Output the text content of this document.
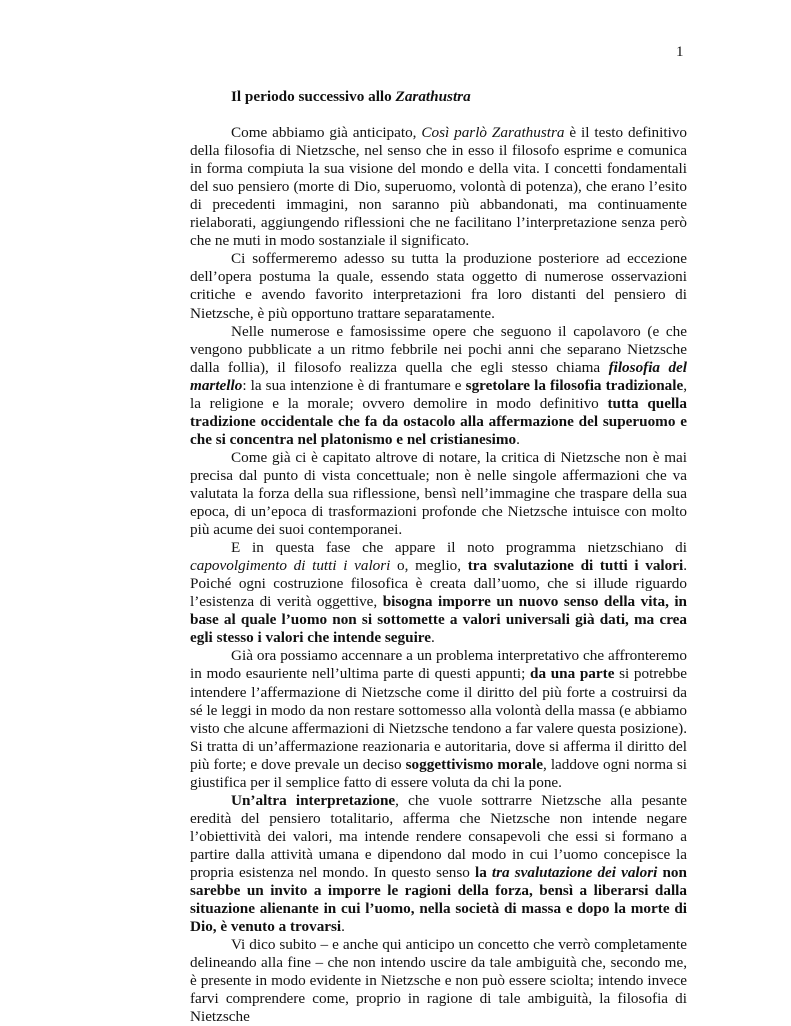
1
Il periodo successivo allo Zarathustra

Come abbiamo già anticipato, Così parlò Zarathustra è il testo definitivo della filosofia di Nietzsche, nel senso che in esso il filosofo esprime e comunica in forma compiuta la sua visione del mondo e della vita. I concetti fondamentali del suo pensiero (morte di Dio, superuomo, volontà di potenza), che erano l’esito di precedenti immagini, non saranno più abbandonati, ma continuamente rielaborati, aggiungendo riflessioni che ne facilitano l’interpretazione senza però che ne muti in modo sostanziale il significato.

Ci soffermeremo adesso su tutta la produzione posteriore ad eccezione dell’opera postuma la quale, essendo stata oggetto di numerose osservazioni critiche e avendo favorito interpretazioni fra loro distanti del pensiero di Nietzsche, è più opportuno trattare separatamente.

Nelle numerose e famosissime opere che seguono il capolavoro (e che vengono pubblicate a un ritmo febbrile nei pochi anni che separano Nietzsche dalla follia), il filosofo realizza quella che egli stesso chiama filosofia del martello: la sua intenzione è di frantumare e sgretolare la filosofia tradizionale, la religione e la morale; ovvero demolire in modo definitivo tutta quella tradizione occidentale che fa da ostacolo alla affermazione del superuomo e che si concentra nel platonismo e nel cristianesimo.

Come già ci è capitato altrove di notare, la critica di Nietzsche non è mai precisa dal punto di vista concettuale; non è nelle singole affermazioni che va valutata la forza della sua riflessione, bensì nell’immagine che traspare della sua epoca, di un’epoca di trasformazioni profonde che Nietzsche intuisce con molto più acume dei suoi contemporanei.

E in questa fase che appare il noto programma nietzschiano di capovolgimento di tutti i valori o, meglio, tra svalutazione di tutti i valori. Poiché ogni costruzione filosofica è creata dall’uomo, che si illude riguardo l’esistenza di verità oggettive, bisogna imporre un nuovo senso della vita, in base al quale l’uomo non si sottomette a valori universali già dati, ma crea egli stesso i valori che intende seguire.

Già ora possiamo accennare a un problema interpretativo che affronteremo in modo esauriente nell’ultima parte di questi appunti; da una parte si potrebbe intendere l’affermazione di Nietzsche come il diritto del più forte a costruirsi da sé le leggi in modo da non restare sottomesso alla volontà della massa (e abbiamo visto che alcune affermazioni di Nietzsche tendono a far valere questa posizione). Si tratta di un’affermazione reazionaria e autoritaria, dove si afferma il diritto del più forte; e dove prevale un deciso soggettivismo morale, laddove ogni norma si giustifica per il semplice fatto di essere voluta da chi la pone.

Un’altra interpretazione, che vuole sottrarre Nietzsche alla pesante eredità del pensiero totalitario, afferma che Nietzsche non intende negare l’obiettività dei valori, ma intende rendere consapevoli che essi si formano a partire dalla attività umana e dipendono dal modo in cui l’uomo concepisce la propria esistenza nel mondo. In questo senso la tra svalutazione dei valori non sarebbe un invito a imporre le ragioni della forza, bensì a liberarsi dalla situazione alienante in cui l’uomo, nella società di massa e dopo la morte di Dio, è venuto a trovarsi.

Vi dico subito – e anche qui anticipo un concetto che verrò completamente delineando alla fine – che non intendo uscire da tale ambiguità che, secondo me, è presente in modo evidente in Nietzsche e non può essere sciolta; intendo invece farvi comprendere come, proprio in ragione di tale ambiguità, la filosofia di Nietzsche
